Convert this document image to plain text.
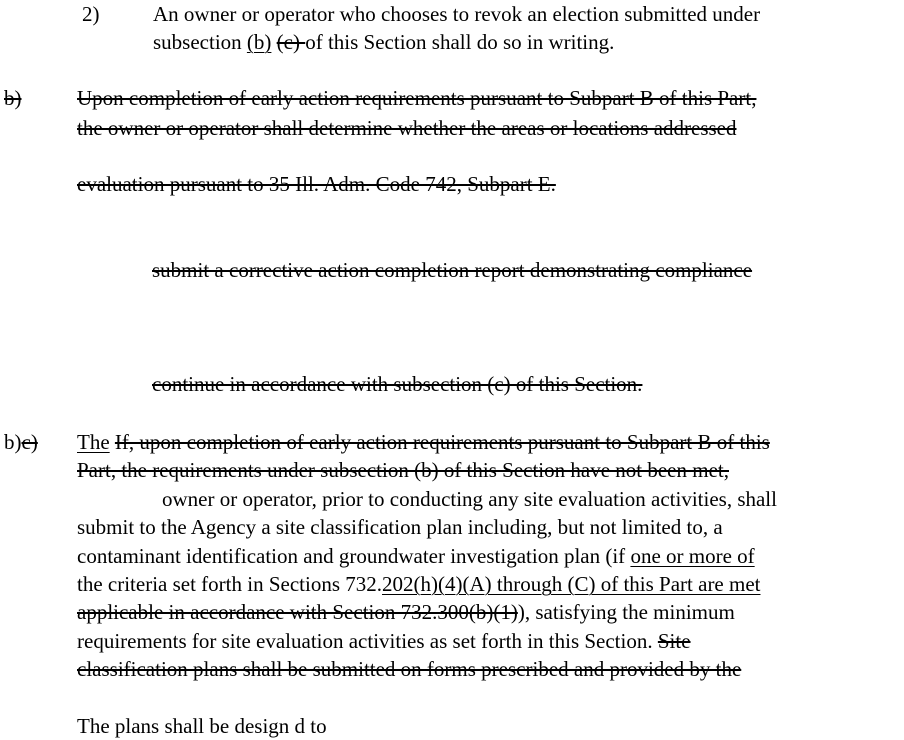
2)	An owner or operator who chooses to revok an election submitted under
subsection (b) (c) of this Section shall do so in writing.
b)	Upon completion of early action requirements pursuant to Subpart B of this Part,
the owner or operator shall determine whether the areas or locations addressed
evaluation pursuant to 35 Ill. Adm. Code 742, Subpart E.
submit a corrective action completion report demonstrating compliance
continue in accordance with subsection (c) of this Section.
b)c) The If, upon completion of early action requirements pursuant to Subpart B of this
Part, the requirements under subsection (b) of this Section have not been met,
owner or operator, prior to conducting any site evaluation activities, shall
submit to the Agency a site classification plan including, but not limited to, a
contaminant identification and groundwater investigation plan (if one or more of
the criteria set forth in Sections 732.202(h)(4)(A) through (C) of this Part are met
applicable in accordance with Section 732.300(b)(1)), satisfying the minimum
requirements for site evaluation activities as set forth in this Section. Site
classification plans shall be submitted on forms prescribed and provided by the
The plans shall be design d to
